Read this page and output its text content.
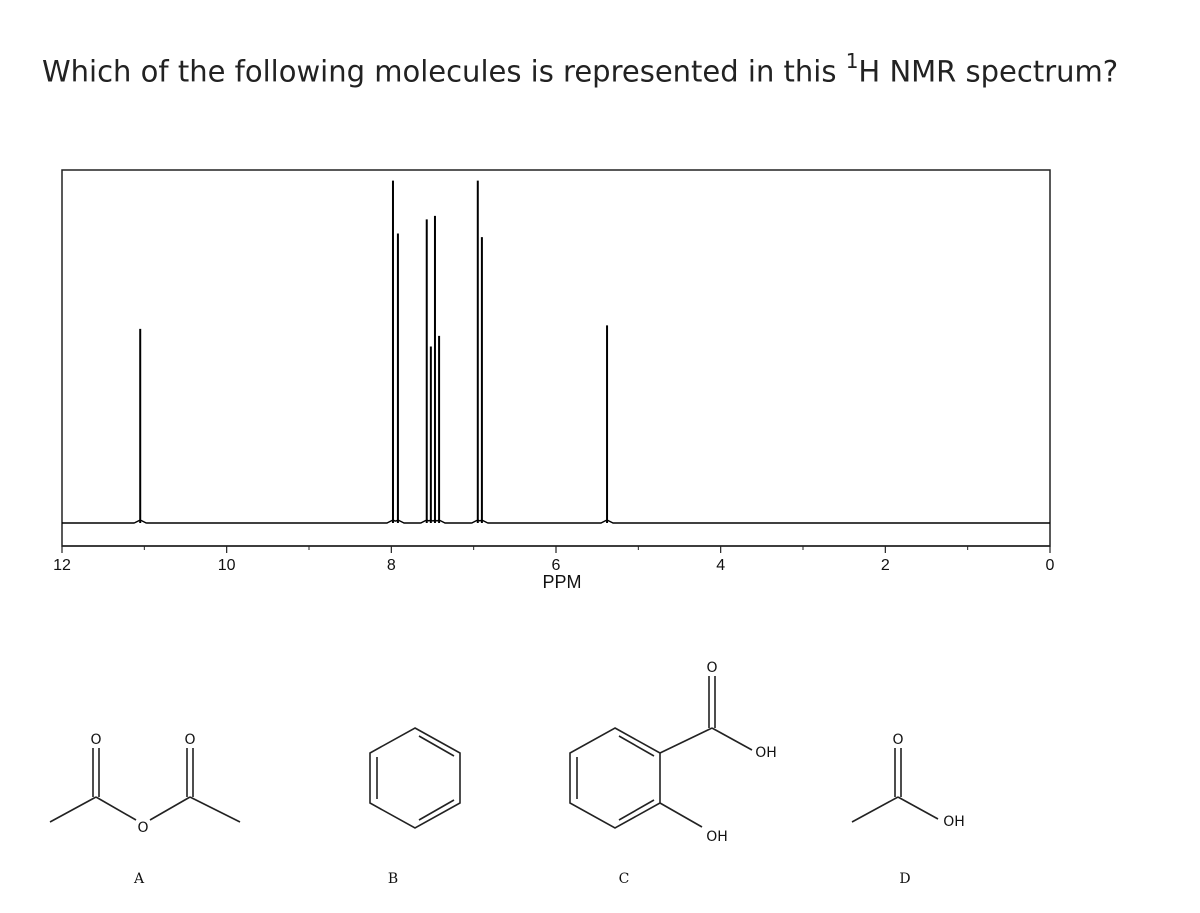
Which of the following molecules is represented in this $^1$H NMR spectrum?
12	10	8	6	4	2	0
PPM
O	O
O
A	B
O
OH
OH
C
O
OH
D
